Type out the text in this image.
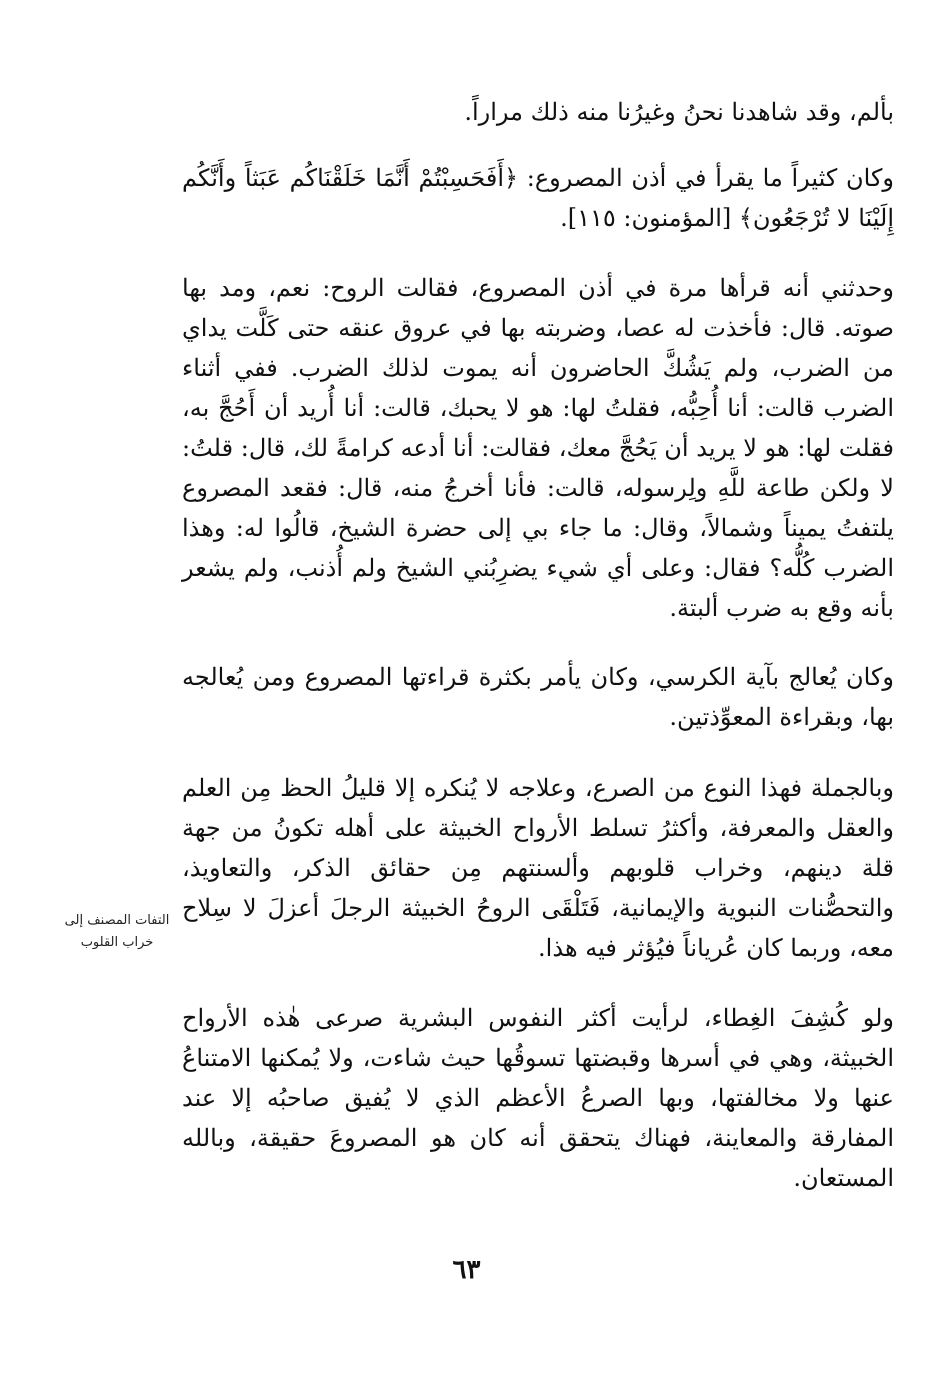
بألم، وقد شاهدنا نحنُ وغيرُنا منه ذلك مراراً.

وكان كثيراً ما يقرأ في أذن المصروع: ﴿أَفَحَسِبْتُمْ أَنَّمَا خَلَقْنَاكُم عَبَثاً وأَنَّكُم إِلَيْنَا لا تُرْجَعُون﴾ [المؤمنون: ١١٥].

وحدثني أنه قرأها مرة في أذن المصروع، فقالت الروح: نعم، ومد بها صوته. قال: فأخذت له عصا، وضربته بها في عروق عنقه حتى كَلَّت يداي من الضرب، ولم يَشُكَّ الحاضرون أنه يموت لذلك الضرب. ففي أثناء الضرب قالت: أنا أُحِبُّه، فقلتُ لها: هو لا يحبك، قالت: أنا أُريد أن أَحُجَّ به، فقلت لها: هو لا يريد أن يَحُجَّ معك، فقالت: أنا أدعه كرامةً لك، قال: قلتُ: لا ولكن طاعة للَّهِ ولِرسوله، قالت: فأنا أخرجُ منه، قال: فقعد المصروع يلتفتُ يميناً وشمالاً، وقال: ما جاء بي إلى حضرة الشيخ، قالُوا له: وهذا الضرب كُلُّه؟ فقال: وعلى أي شيء يضرِبُني الشيخ ولم أُذنب، ولم يشعر بأنه وقع به ضرب ألبتة.

وكان يُعالج بآية الكرسي، وكان يأمر بكثرة قراءتها المصروع ومن يُعالجه بها، وبقراءة المعوِّذتين.

وبالجملة فهذا النوع من الصرع، وعلاجه لا يُنكره إلا قليلُ الحظ مِن العلم والعقل والمعرفة، وأكثرُ تسلط الأرواح الخبيثة على أهله تكونُ من جهة قلة دينهم، وخراب قلوبهم وألسنتهم مِن حقائق الذكر، والتعاويذ، والتحصُّنات النبوية والإيمانية، فَتَلْقَى الروحُ الخبيثة الرجلَ أعزلَ لا سِلاح معه، وربما كان عُرياناً فيُؤثر فيه هذا.

ولو كُشِفَ الغِطاء، لرأيت أكثر النفوس البشرية صرعى هٰذه الأرواح الخبيثة، وهي في أسرها وقبضتها تسوقُها حيث شاءت، ولا يُمكنها الامتناعُ عنها ولا مخالفتها، وبها الصرعُ الأعظم الذي لا يُفيق صاحبُه إلا عند المفارقة والمعاينة، فهناك يتحقق أنه كان هو المصروعَ حقيقة، وبالله المستعان.

التفات المصنف إلى خراب القلوب
٦٣
